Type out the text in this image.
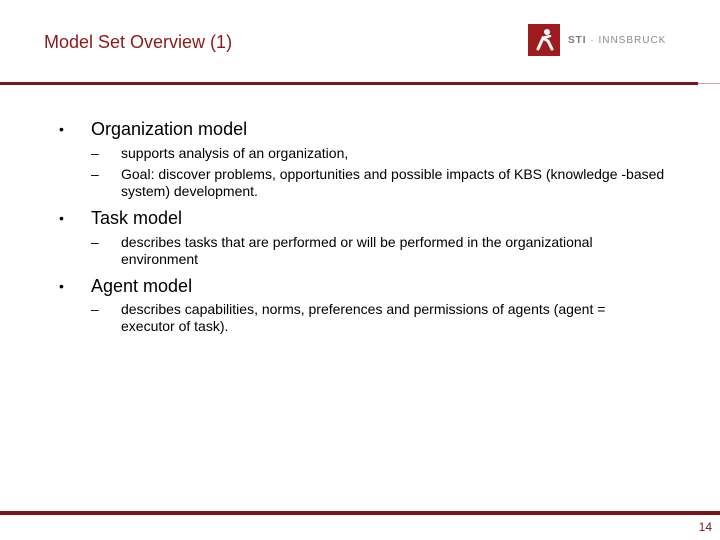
Model Set Overview (1)	STI · INNSBRUCK
• Organization model
– supports analysis of an organization,
– Goal: discover problems, opportunities and possible impacts of KBS (knowledge -based system) development.
• Task model
– describes tasks that are performed or will be performed in the organizational environment
• Agent model
– describes capabilities, norms, preferences and permissions of agents (agent = executor of task).
14
